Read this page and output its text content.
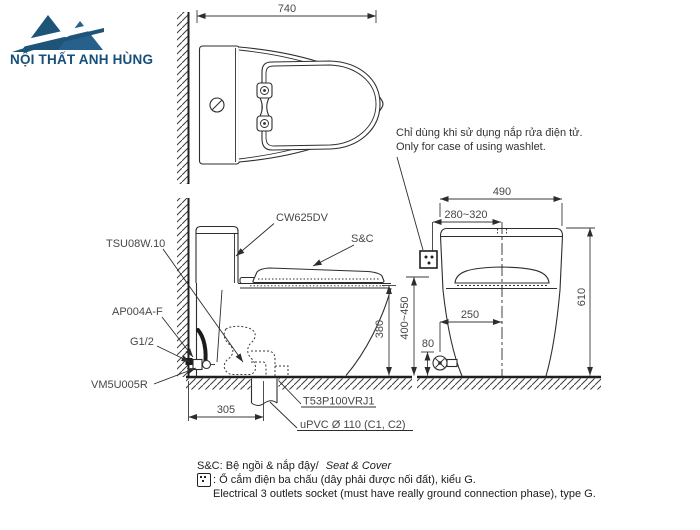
740
380
305
CW625DV
S&C
TSU08W.10
AP004A-F
G1/2
VM5U005R
T53P100VRJ1
uPVC Ø 110 (C1, C2)
490
280~320
400~450	610
250
80
NỘI THẤT ANH HÙNG
Chỉ dùng khi sử dụng nắp rửa điện tử.
Only for case of using washlet.
S&C: Bệ ngồi & nắp đậy/
Seat & Cover
: Ổ cắm điện ba chấu (dây phải được nối đất), kiểu G.
Electrical 3 outlets socket (must have really ground connection phase), type G.
